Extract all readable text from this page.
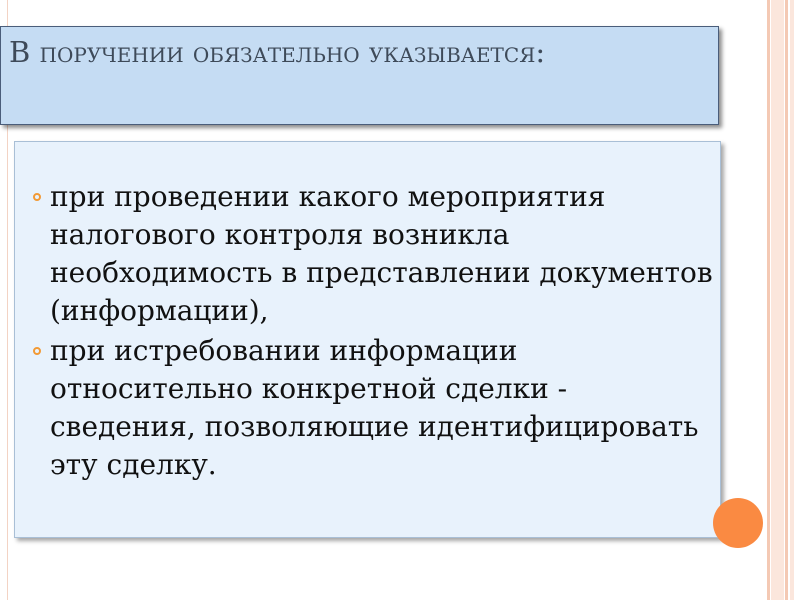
В поручении обязательно указывается:
при проведении какого мероприятия налогового контроля возникла необходимость в представлении документов (информации),
при истребовании информации относительно конкретной сделки - сведения, позволяющие идентифицировать эту сделку.
